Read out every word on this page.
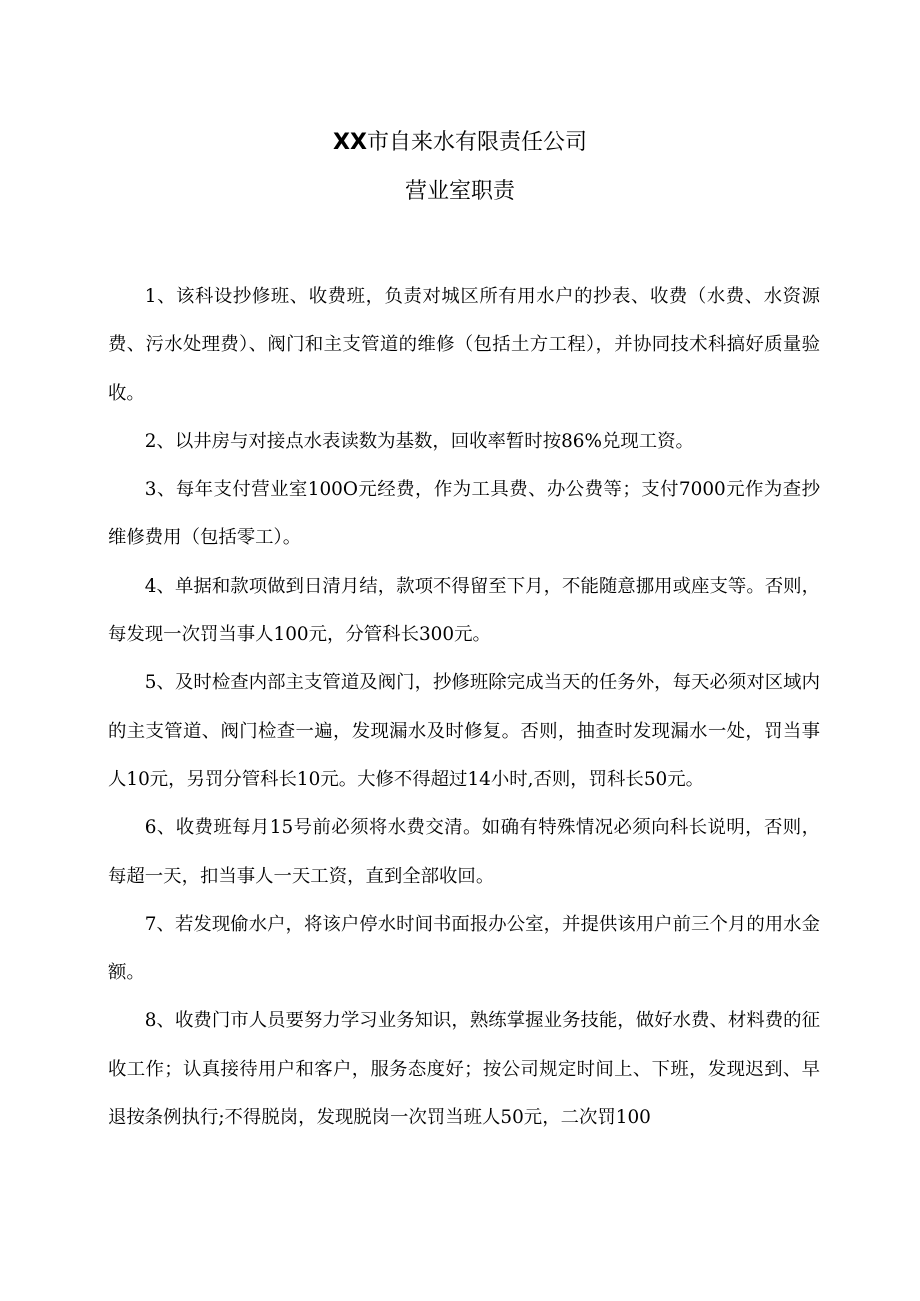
XX市自来水有限责任公司
营业室职责

1、该科设抄修班、收费班，负责对城区所有用水户的抄表、收费（水费、水资源费、污水处理费）、阀门和主支管道的维修（包括土方工程），并协同技术科搞好质量验收。

2、以井房与对接点水表读数为基数，回收率暂时按86%兑现工资。

3、每年支付营业室100O元经费，作为工具费、办公费等；支付7000元作为查抄维修费用（包括零工）。

4、单据和款项做到日清月结，款项不得留至下月，不能随意挪用或座支等。否则，每发现一次罚当事人100元，分管科长300元。

5、及时检查内部主支管道及阀门，抄修班除完成当天的任务外，每天必须对区域内的主支管道、阀门检查一遍，发现漏水及时修复。否则，抽查时发现漏水一处，罚当事人10元，另罚分管科长10元。大修不得超过14小时,否则，罚科长50元。

6、收费班每月15号前必须将水费交清。如确有特殊情况必须向科长说明，否则，每超一天，扣当事人一天工资，直到全部收回。

7、若发现偷水户，将该户停水时间书面报办公室，并提供该用户前三个月的用水金额。

8、收费门市人员要努力学习业务知识，熟练掌握业务技能，做好水费、材料费的征收工作；认真接待用户和客户，服务态度好；按公司规定时间上、下班，发现迟到、早退按条例执行;不得脱岗，发现脱岗一次罚当班人50元，二次罚100
